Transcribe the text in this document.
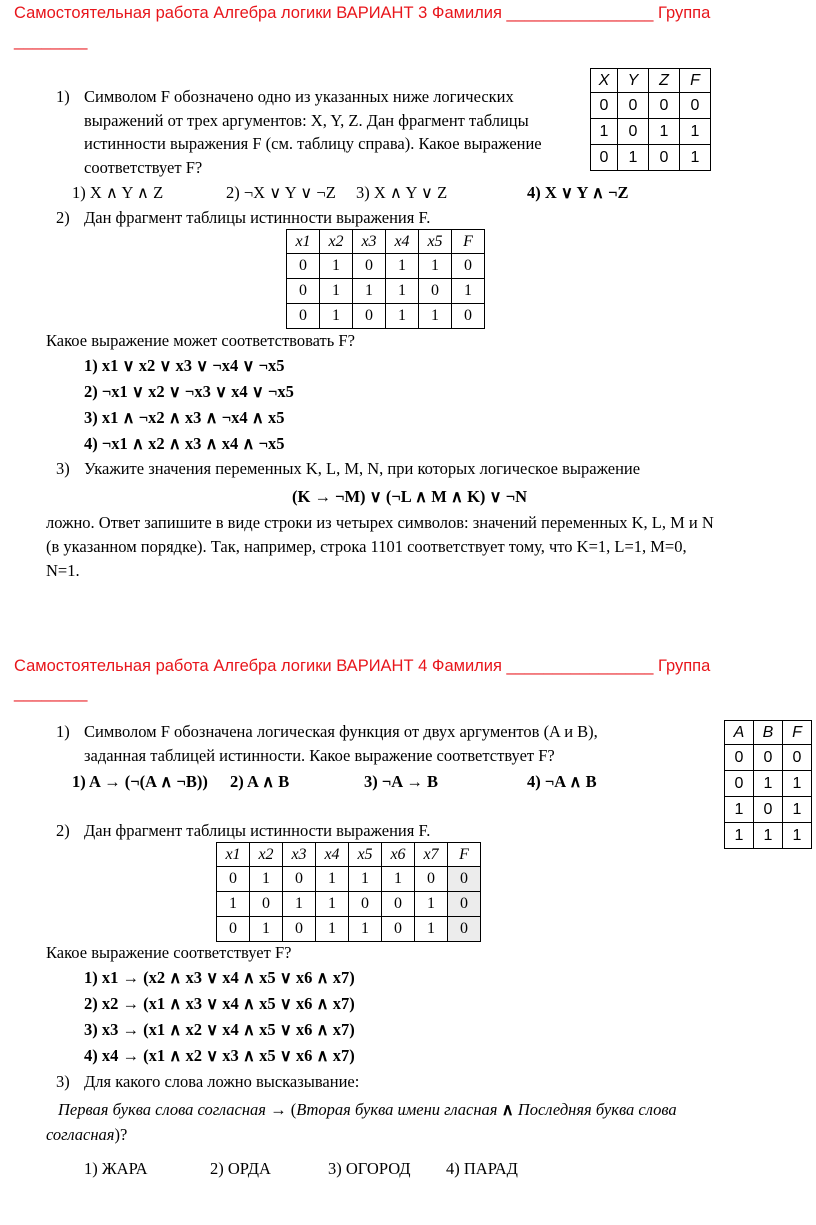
Самостоятельная работа Алгебра логики ВАРИАНТ 3 Фамилия ________________ Группа
________
1) Символом F обозначено одно из указанных ниже логических
выражений от трех аргументов: X, Y, Z. Дан фрагмент таблицы
истинности выражения F (см. таблицу справа). Какое выражение
соответствует F?
1) X ∧ Y ∧ Z	2) ¬X ∨ Y ∨ ¬Z 3) X ∧ Y ∨ Z	4) X ∨ Y ∧ ¬Z
X	Y	Z	F
0	0	0	0
1	0	1	1
0	1	0	1
2) Дан фрагмент таблицы истинности выражения F.
x1	x2	x3	x4	x5	F
0	1	0	1	1	0
0	1	1	1	0	1
0	1	0	1	1	0
Какое выражение может соответствовать F?
1) x1 ∨ x2 ∨ x3 ∨ ¬x4 ∨ ¬x5
2) ¬x1 ∨ x2 ∨ ¬x3 ∨ x4 ∨ ¬x5
3) x1 ∧ ¬x2 ∧ x3 ∧ ¬x4 ∧ x5
4) ¬x1 ∧ x2 ∧ x3 ∧ x4 ∧ ¬x5
3) Укажите значения переменных K, L, M, N, при которых логическое выражение
(K → ¬M) ∨ (¬L ∧ M ∧ K) ∨ ¬N
ложно. Ответ запишите в виде строки из четырех символов: значений переменных K, L, M и N
(в указанном порядке). Так, например, строка 1101 соответствует тому, что K=1, L=1, M=0,
N=1.
Самостоятельная работа Алгебра логики ВАРИАНТ 4 Фамилия ________________ Группа
________
1) Символом F обозначена логическая функция от двух аргументов (A и B),
заданная таблицей истинности. Какое выражение соответствует F?
1) A → (¬(A ∧ ¬B)) 2) A ∧ B	3) ¬A → B	4) ¬A ∧ B
A	B	F
0	0	0
0	1	1
1	0	1
1	1	1
2) Дан фрагмент таблицы истинности выражения F.
x1	x2	x3	x4	x5	x6	x7	F
0	1	0	1	1	1	0	0
1	0	1	1	0	0	1	0
0	1	0	1	1	0	1	0
Какое выражение соответствует F?
1) x1 → (x2 ∧ x3 ∨ x4 ∧ x5 ∨ x6 ∧ x7)
2) x2 → (x1 ∧ x3 ∨ x4 ∧ x5 ∨ x6 ∧ x7)
3) x3 → (x1 ∧ x2 ∨ x4 ∧ x5 ∨ x6 ∧ x7)
4) x4 → (x1 ∧ x2 ∨ x3 ∧ x5 ∨ x6 ∧ x7)
3) Для какого слова ложно высказывание:
Первая буква слова согласная → (Вторая буква имени гласная ∧ Последняя буква слова
согласная)?
1) ЖАРА	2) ОРДА	3) ОГОРОД 4) ПАРАД
